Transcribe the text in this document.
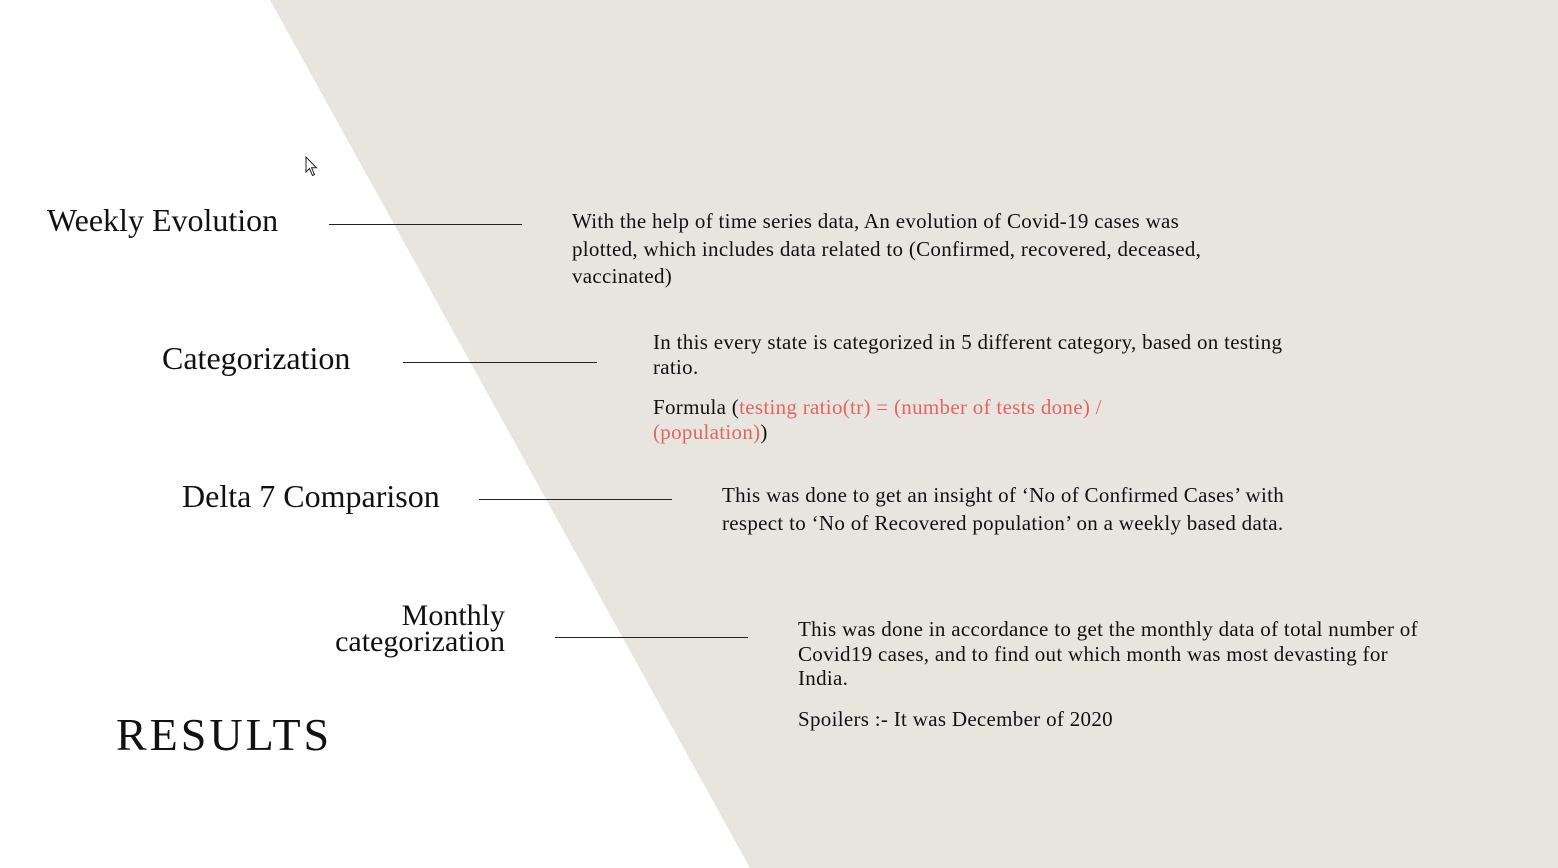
Weekly Evolution	With the help of time series data, An evolution of Covid-19 cases was plotted, which includes data related to (Confirmed, recovered, deceased, vaccinated)

Categorization	In this every state is categorized in 5 different category, based on testing ratio.

Formula (testing ratio(tr) = (number of tests done) / (population))

Delta 7 Comparison	This was done to get an insight of ‘No of Confirmed Cases’ with respect to ‘No of Recovered population’ on a weekly based data.

Monthly
categorization	This was done in accordance to get the monthly data of total number of Covid19 cases, and to find out which month was most devasting for India.

Spoilers :- It was December of 2020

RESULTS
